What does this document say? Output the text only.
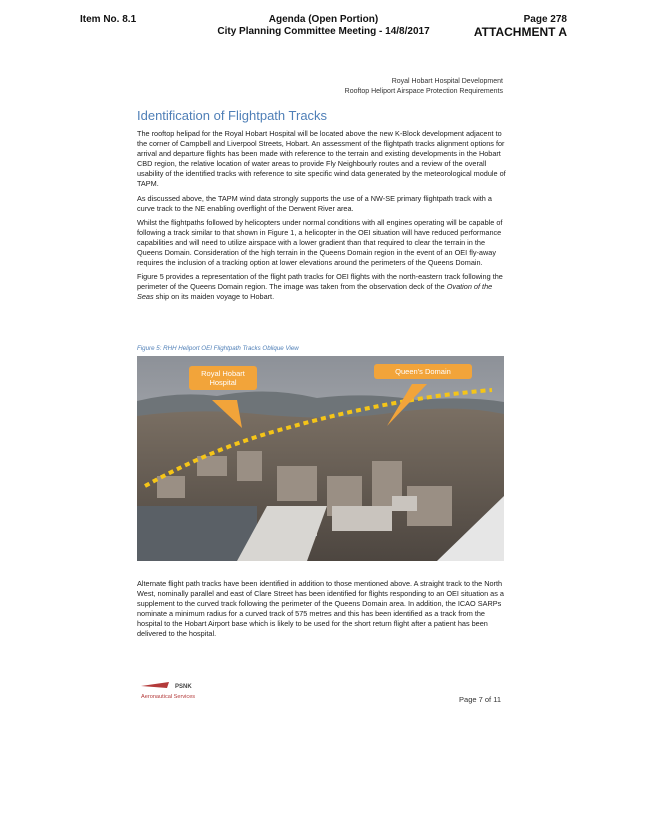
Item No. 8.1	Agenda (Open Portion)
City Planning Committee Meeting - 14/8/2017
Page 278
ATTACHMENT A
Royal Hobart Hospital Development
Rooftop Heliport Airspace Protection Requirements
Identification of Flightpath Tracks

The rooftop helipad for the Royal Hobart Hospital will be located above the new K-Block development adjacent to the corner of Campbell and Liverpool Streets, Hobart. An assessment of the flightpath tracks alignment options for arrival and departure flights has been made with reference to the terrain and existing developments in the Hobart CBD region, the relative location of water areas to provide Fly Neighbourly routes and a review of the overall usability of the identified tracks with reference to site specific wind data generated by the meteorological module of TAPM.

As discussed above, the TAPM wind data strongly supports the use of a NW-SE primary flightpath track with a curve track to the NE enabling overflight of the Derwent River area.

Whilst the flightpaths followed by helicopters under normal conditions with all engines operating will be capable of following a track similar to that shown in Figure 1, a helicopter in the OEI situation will have reduced performance capabilities and will need to utilize airspace with a lower gradient than that required to clear the terrain in the Queens Domain. Consideration of the high terrain in the Queens Domain region in the event of an OEI fly-away requires the inclusion of a tracking option at lower elevations around the perimeters of the Queens Domain.

Figure 5 provides a representation of the flight path tracks for OEI flights with the north-eastern track following the perimeter of the Queens Domain region. The image was taken from the observation deck of the Ovation of the Seas ship on its maiden voyage to Hobart.

Figure 5: RHH Heliport OEI Flightpath Tracks Oblique View
Royal Hobart Hospital
Queen's Domain

Alternate flight path tracks have been identified in addition to those mentioned above. A straight track to the North West, nominally parallel and east of Clare Street has been identified for flights responding to an OEI situation as a supplement to the curved track following the perimeter of the Queens Domain area. In addition, the ICAO SARPs nominate a minimum radius for a curved track of 575 metres and this has been identified as a track from the hospital to the Hobart Airport base which is likely to be used for the short return flight after a patient has been delivered to the hospital.

PSNK
Aeronautical Services	Page 7 of 11
